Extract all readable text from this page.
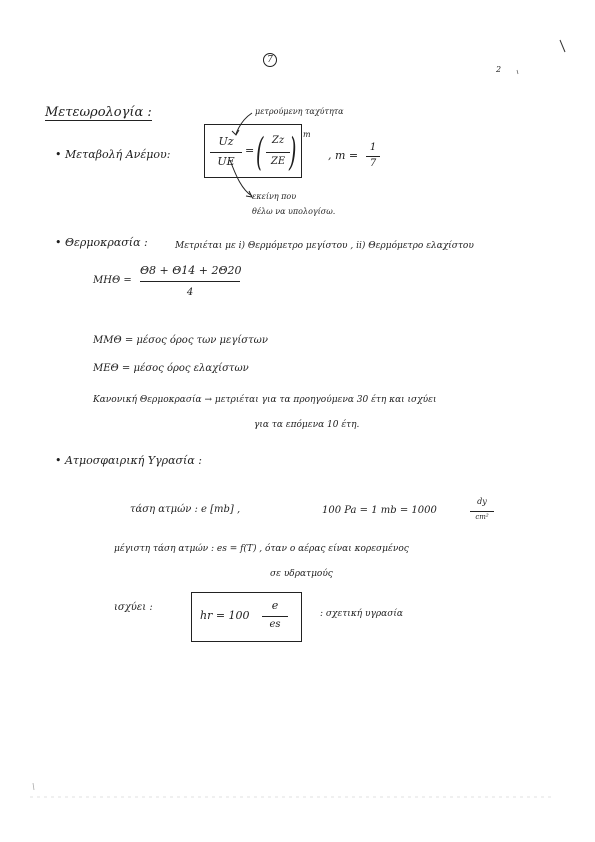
7
2
Μετεωρολογία :
• Μεταβολή Ανέμου:
μετρούμενη ταχύτητα
Uz
UE
= ( Zz
ZE ) m
, m =
1
7
εκείνη που
θέλω να υπολογίσω.
• Θερμοκρασία :	Μετριέται με i) Θερμόμετρο μεγίστου , ii) Θερμόμετρο ελαχίστου
ΜΗΘ =
Θ8 + Θ14 + 2Θ20
4
ΜΜΘ = μέσος όρος των μεγίστων
ΜΕΘ = μέσος όρος ελαχίστων
Κανονική Θερμοκρασία → μετριέται για τα προηγούμενα 30 έτη και ισχύει
για τα επόμενα 10 έτη.
• Ατμοσφαιρική Υγρασία :
τάση ατμών : e [mb] ,	100 Pa = 1 mb = 1000
dy
cm²
μέγιστη τάση ατμών : es = f(T) , όταν ο αέρας είναι κορεσμένος
σε υδρατμούς
ισχύει :
hr = 100
e
es
: σχετική υγρασία
